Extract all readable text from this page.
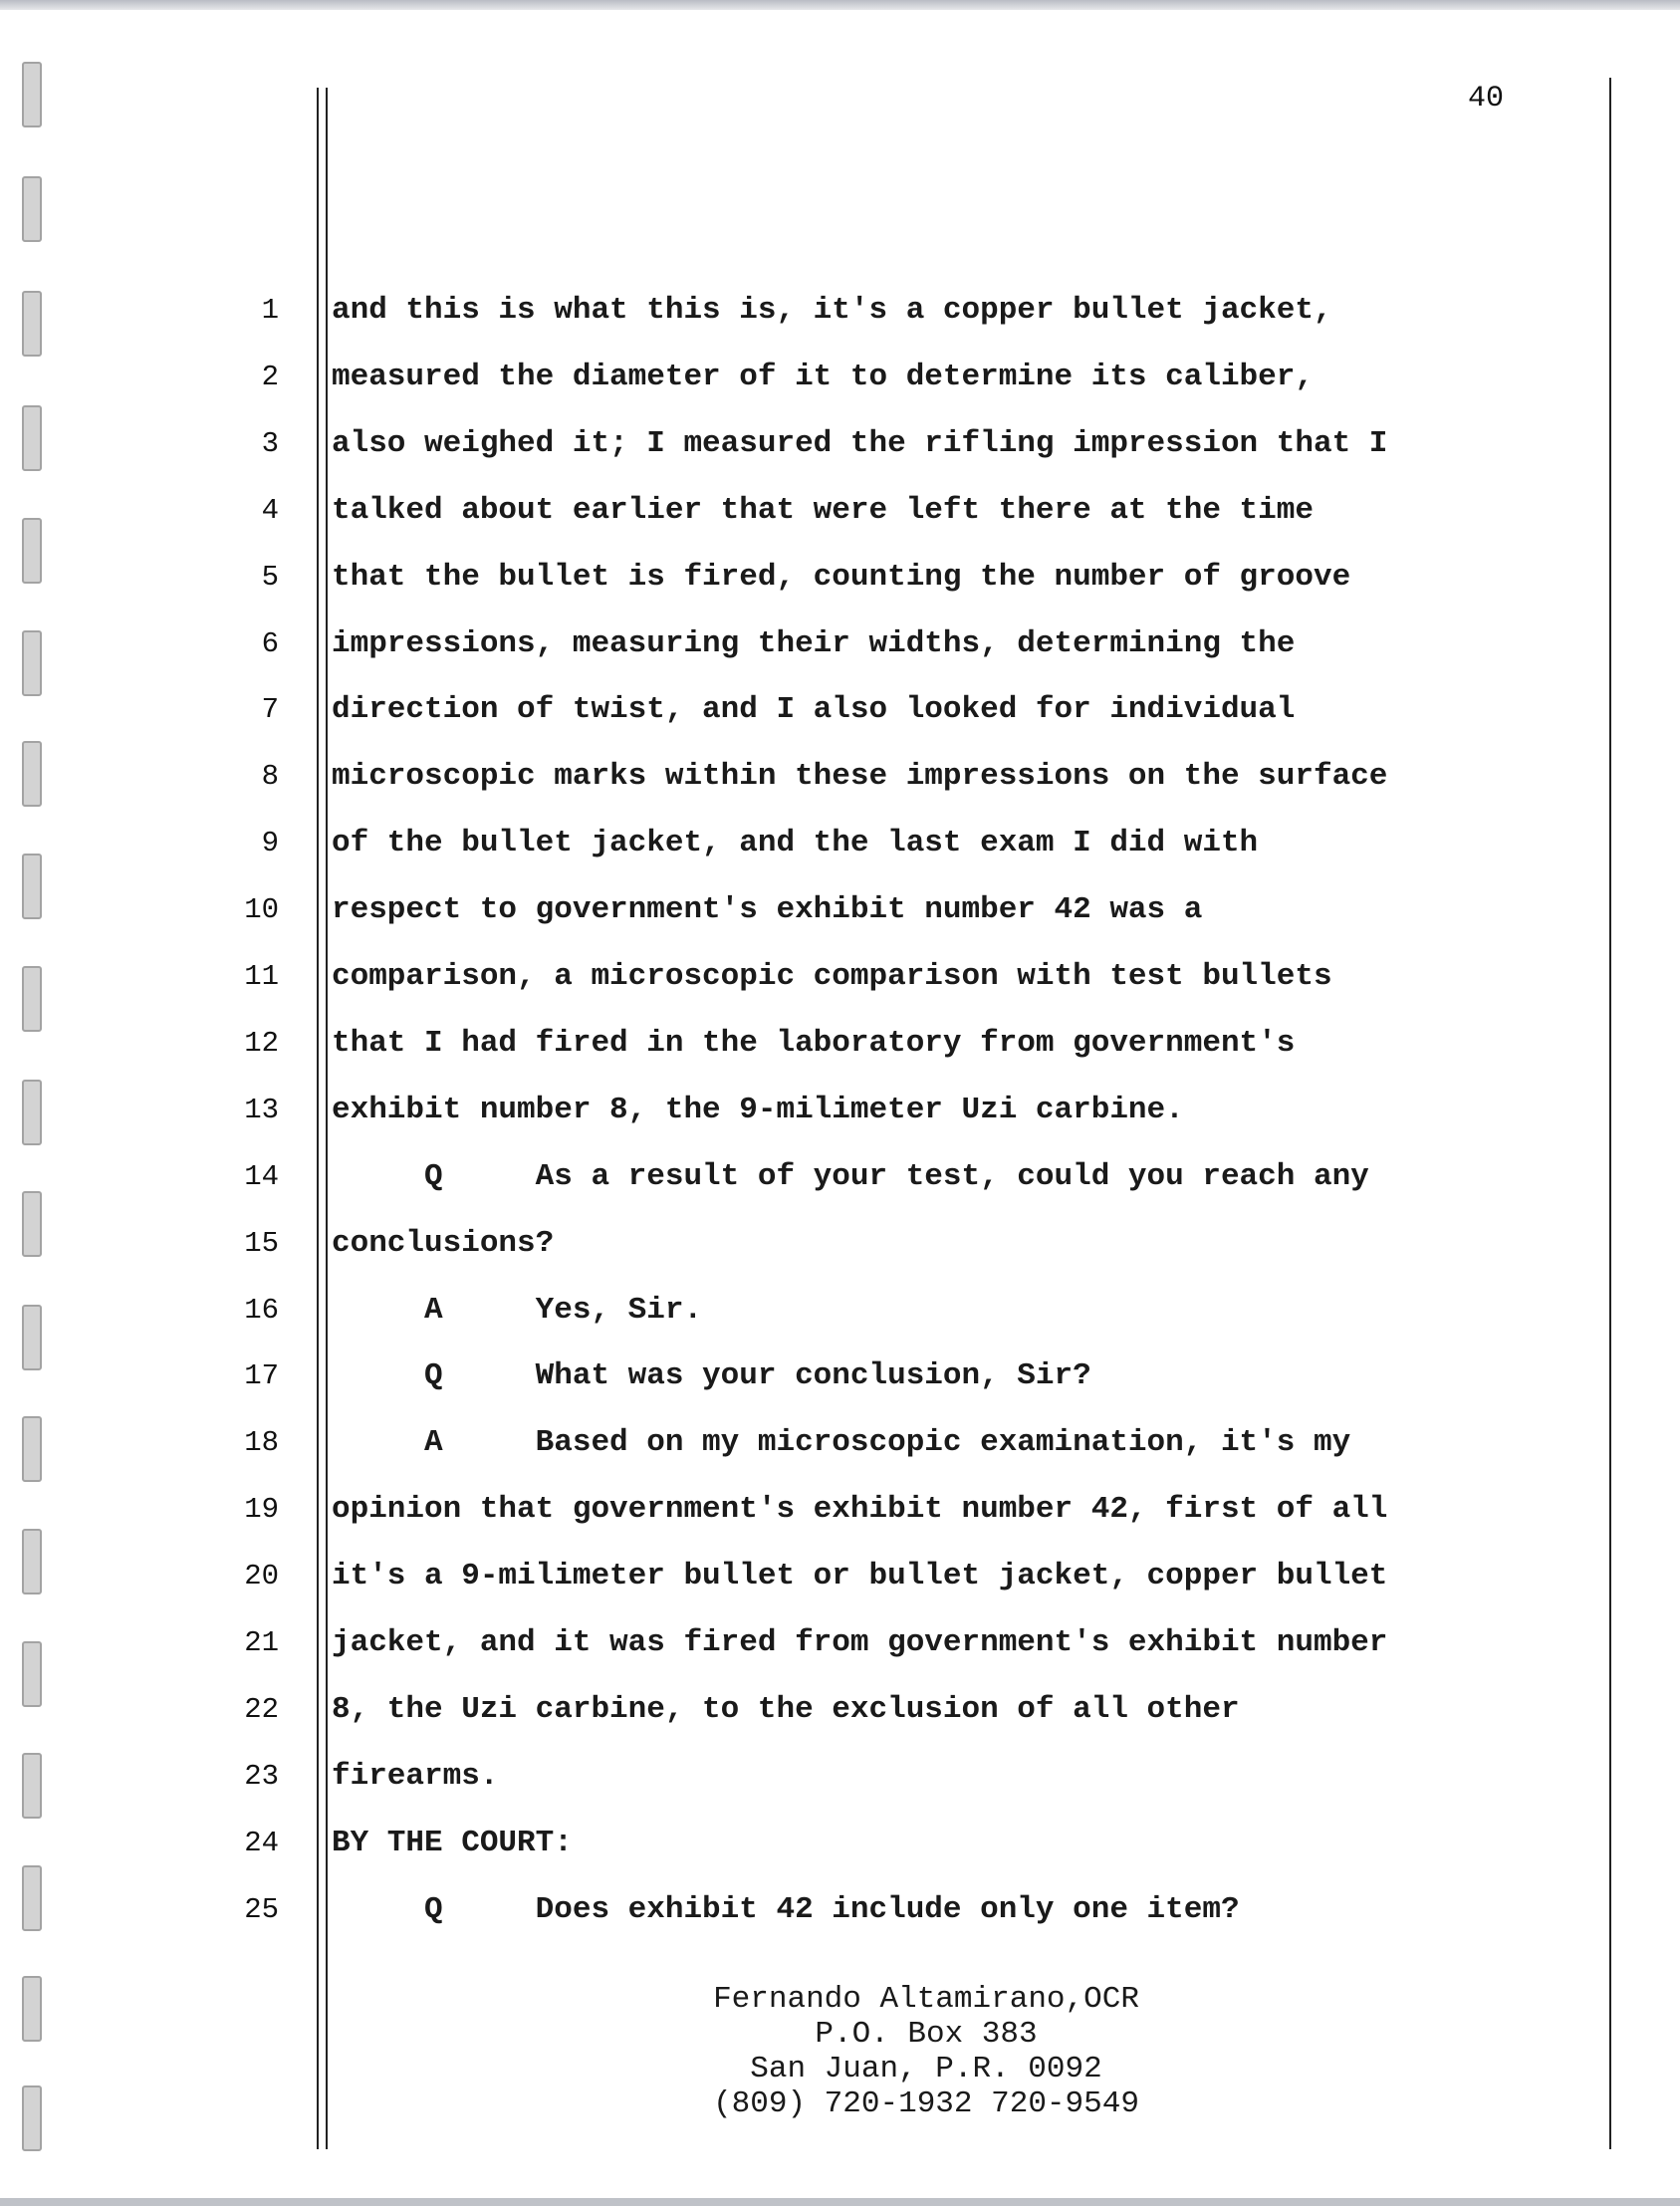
40
1 and this is what this is, it's a copper bullet jacket,
2 measured the diameter of it to determine its caliber,
3 also weighed it; I measured the rifling impression that I
4 talked about earlier that were left there at the time
5 that the bullet is fired, counting the number of groove
6 impressions, measuring their widths, determining the
7 direction of twist, and I also looked for individual
8 microscopic marks within these impressions on the surface
9 of the bullet jacket, and the last exam I did with
10 respect to government's exhibit number 42 was a
11 comparison, a microscopic comparison with test bullets
12 that I had fired in the laboratory from government's
13 exhibit number 8, the 9-milimeter Uzi carbine.
14 Q     As a result of your test, could you reach any
15 conclusions?
16 A     Yes, Sir.
17 Q     What was your conclusion, Sir?
18 A     Based on my microscopic examination, it's my
19 opinion that government's exhibit number 42, first of all
20 it's a 9-milimeter bullet or bullet jacket, copper bullet
21 jacket, and it was fired from government's exhibit number
22 8, the Uzi carbine, to the exclusion of all other
23 firearms.
24 BY THE COURT:
25 Q     Does exhibit 42 include only one item?
Fernando Altamirano,OCR
P.O. Box 383
San Juan, P.R. 0092
(809) 720-1932 720-9549
